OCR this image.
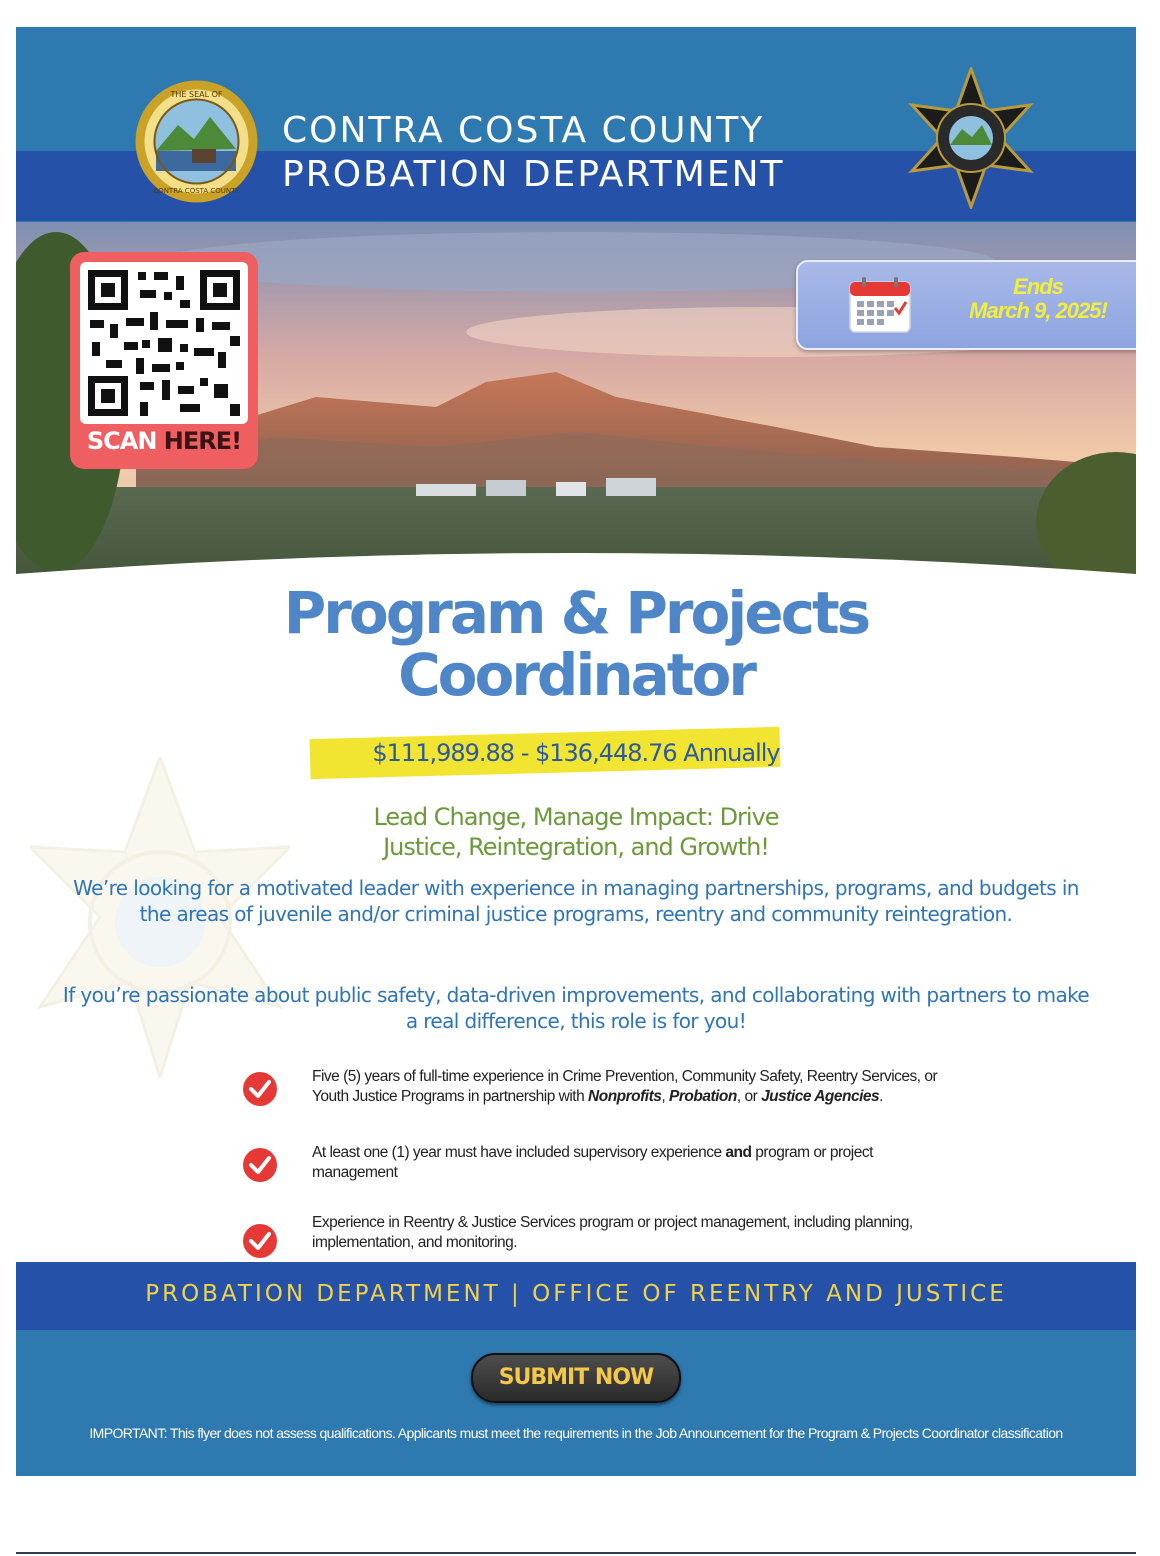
THE SEAL OF
CONTRA COSTA COUNTY
CONTRA COSTA COUNTY
PROBATION DEPARTMENT
SCAN HERE!
Ends
March 9, 2025!
Program & Projects
Coordinator
$111,989.88 - $136,448.76 Annually
Lead Change, Manage Impact: Drive
Justice, Reintegration, and Growth!
We’re looking for a motivated leader with experience in managing partnerships, programs, and budgets in the areas of juvenile and/or criminal justice programs, reentry and community reintegration.
If you’re passionate about public safety, data-driven improvements, and collaborating with partners to make a real difference, this role is for you!
Five (5) years of full-time experience in Crime Prevention, Community Safety, Reentry Services, or Youth Justice Programs in partnership with Nonprofits, Probation, or Justice Agencies.
At least one (1) year must have included supervisory experience and program or project management
Experience in Reentry & Justice Services program or project management, including planning, implementation, and monitoring.
PROBATION DEPARTMENT | OFFICE OF REENTRY AND JUSTICE
SUBMIT NOW
IMPORTANT: This flyer does not assess qualifications. Applicants must meet the requirements in the Job Announcement for the Program & Projects Coordinator classification
